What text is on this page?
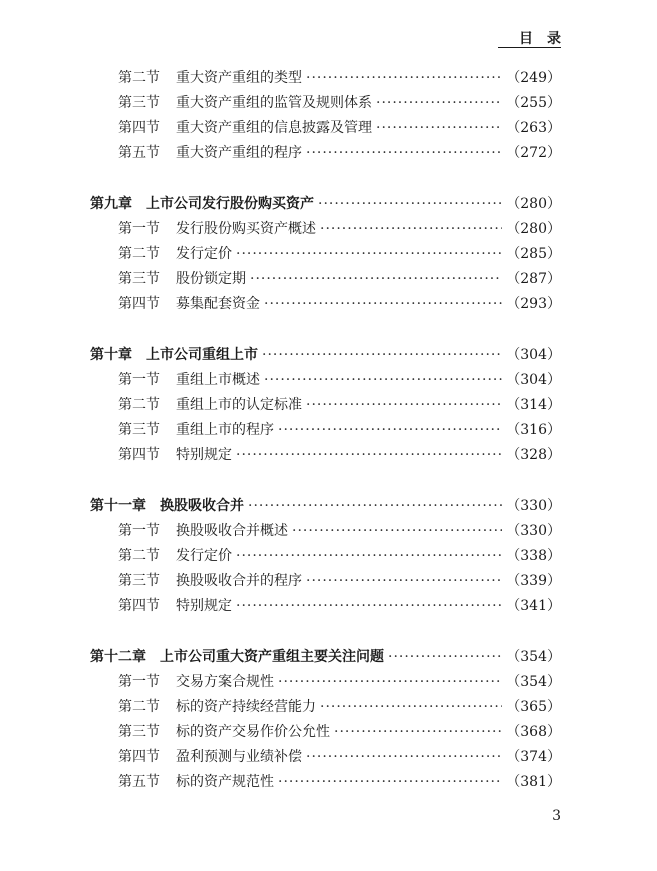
目　录
第二节	重大资产重组的类型 ·····	（249）
第三节	重大资产重组的监管及规则体系 ·····	（255）
第四节	重大资产重组的信息披露及管理 ·····	（263）
第五节	重大资产重组的程序 ·····	（272）
第九章 上市公司发行股份购买资产 ·····	（280）
第一节	发行股份购买资产概述 ·····	（280）
第二节	发行定价 ·····	（285）
第三节	股份锁定期 ·····	（287）
第四节	募集配套资金 ·····	（293）
第十章 上市公司重组上市 ·····	（304）
第一节	重组上市概述 ·····	（304）
第二节	重组上市的认定标准 ·····	（314）
第三节	重组上市的程序 ·····	（316）
第四节	特别规定 ·····	（328）
第十一章 换股吸收合并 ·····	（330）
第一节	换股吸收合并概述 ·····	（330）
第二节	发行定价 ·····	（338）
第三节	换股吸收合并的程序 ·····	（339）
第四节	特别规定 ·····	（341）
第十二章 上市公司重大资产重组主要关注问题 ·····	（354）
第一节	交易方案合规性 ·····	（354）
第二节	标的资产持续经营能力 ·····	（365）
第三节	标的资产交易作价公允性 ·····	（368）
第四节	盈利预测与业绩补偿 ·····	（374）
第五节	标的资产规范性 ·····	（381）
3
